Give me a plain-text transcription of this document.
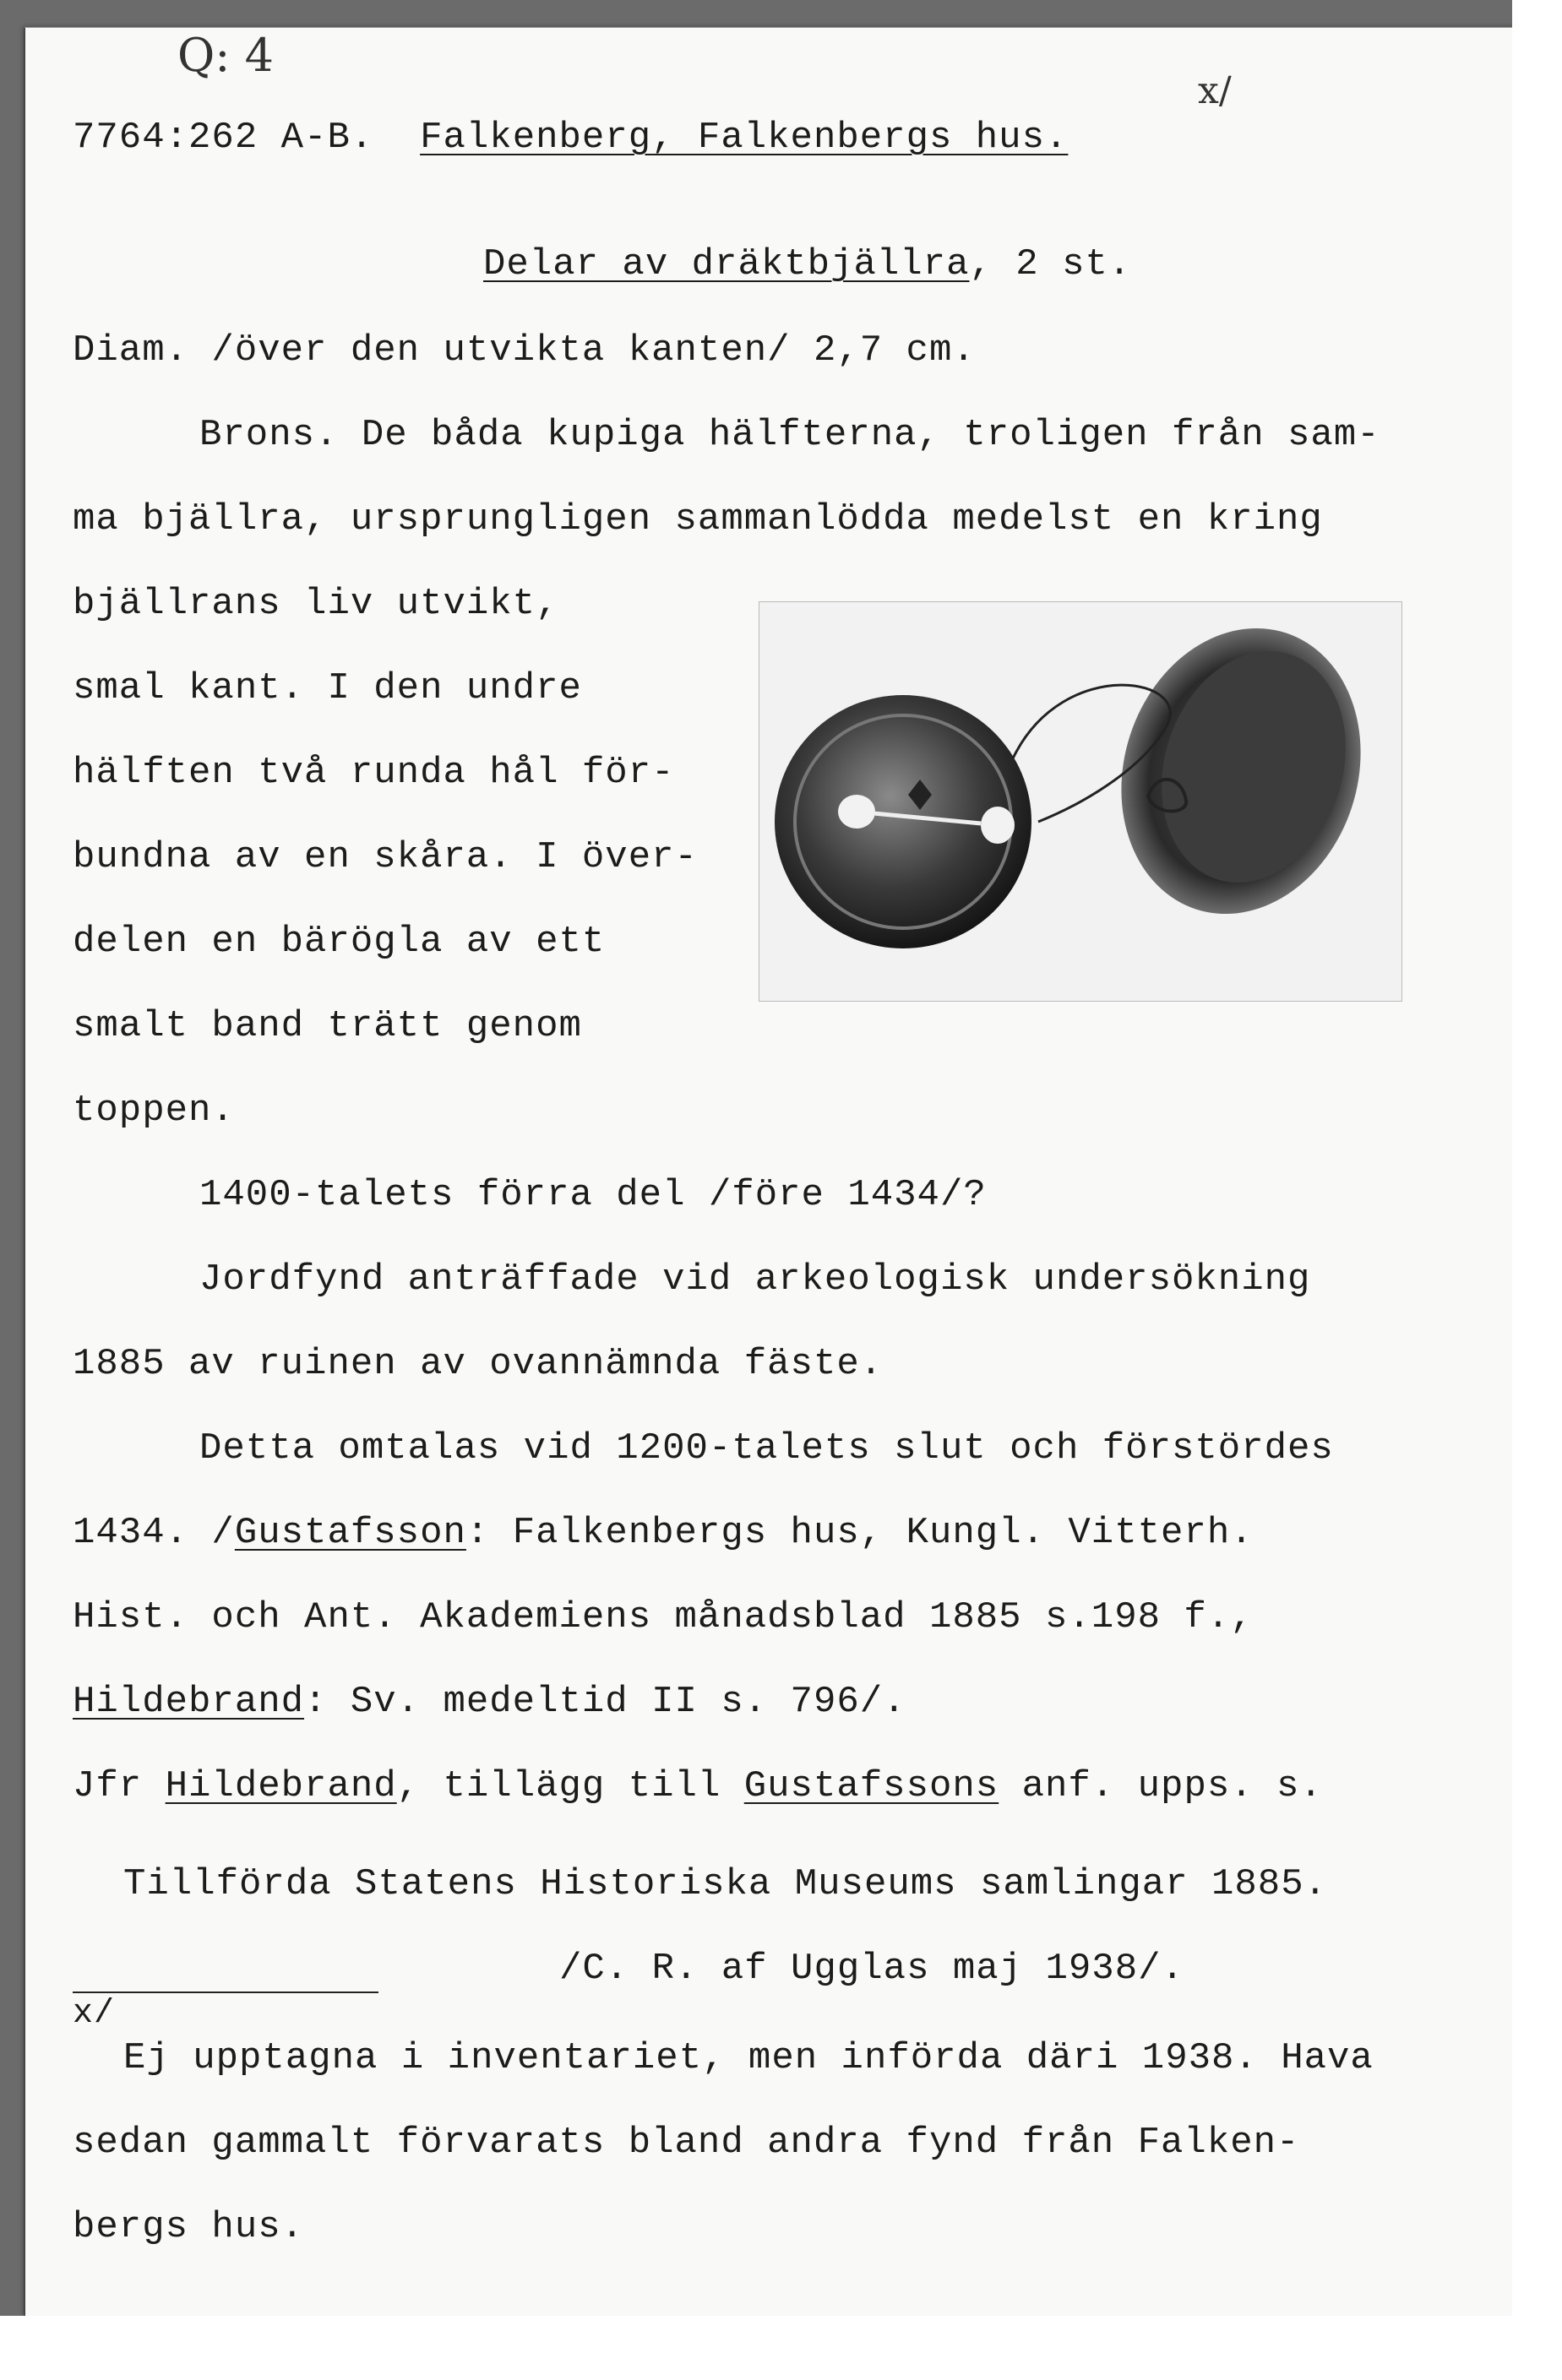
Q: 4
x/
7764:262 A-B. Falkenberg, Falkenbergs hus.
Delar av dräktbjällra, 2 st.
Diam. /över den utvikta kanten/ 2,7 cm.
Brons. De båda kupiga hälfterna, troligen från sam-
ma bjällra, ursprungligen sammanlödda medelst en kring
bjällrans liv utvikt,
smal kant. I den undre
hälften två runda hål för-
bundna av en skåra. I över-
delen en bärögla av ett
smalt band trätt genom
toppen.
1400-talets förra del /före 1434/?
Jordfynd anträffade vid arkeologisk undersökning
1885 av ruinen av ovannämnda fäste.
Detta omtalas vid 1200-talets slut och förstördes
1434. /Gustafsson: Falkenbergs hus, Kungl. Vitterh.
Hist. och Ant. Akademiens månadsblad 1885 s.198 f.,
Hildebrand: Sv. medeltid II s. 796/.
Jfr Hildebrand, tillägg till Gustafssons anf. upps. s.
Tillförda Statens Historiska Museums samlingar 1885.
/C. R. af Ugglas maj 1938/.
x/
Ej upptagna i inventariet, men införda däri 1938. Hava
sedan gammalt förvarats bland andra fynd från Falken-
bergs hus.
